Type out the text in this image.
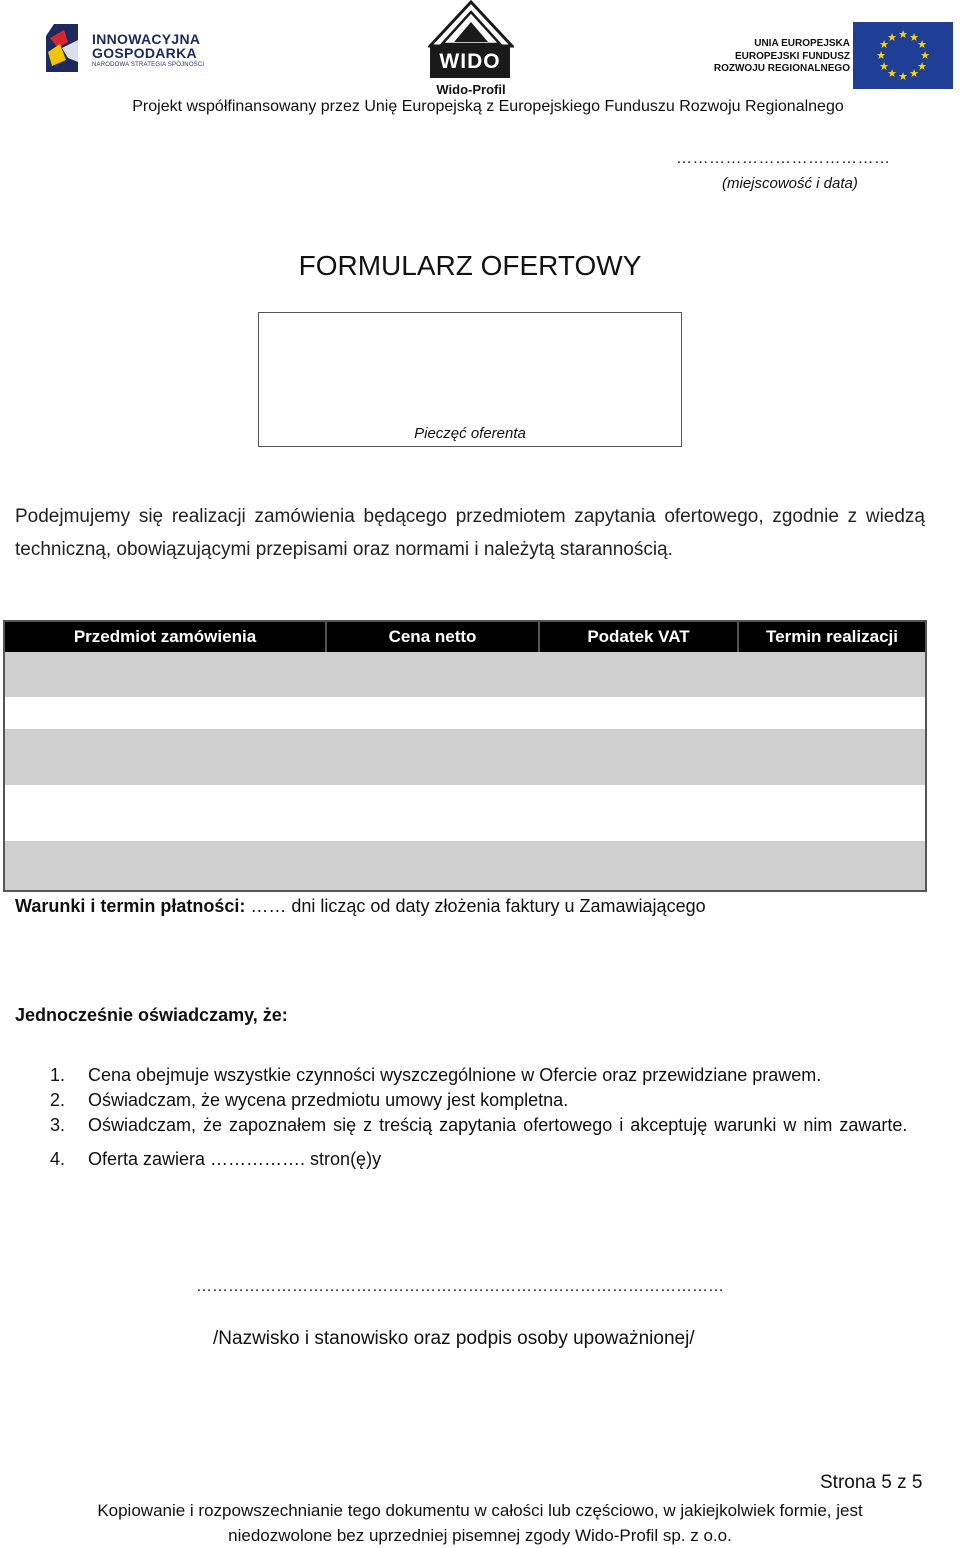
INNOWACYJNA
GOSPODARKA
NARODOWA STRATEGIA SPÓJNOŚCI	WIDO
Wido-Profil
UNIA EUROPEJSKA
EUROPEJSKI FUNDUSZ
ROZWOJU REGIONALNEGO
★ ★
★
★
★
★
★
★
★
★
★
★
Projekt współfinansowany przez Unię Europejską z Europejskiego Funduszu Rozwoju Regionalnego
…………………………………
(miejscowość i data)
FORMULARZ OFERTOWY
Pieczęć oferenta
Podejmujemy się realizacji zamówienia będącego przedmiotem zapytania ofertowego, zgodnie z wiedzą techniczną, obowiązującymi przepisami oraz normami i należytą starannością.
Przedmiot zamówienia	Cena netto	Podatek VAT	Termin realizacji
Warunki i termin płatności: …… dni licząc od daty złożenia faktury u Zamawiającego
Jednocześnie oświadczamy, że:
1.	Cena obejmuje wszystkie czynności wyszczególnione w Ofercie oraz przewidziane prawem.
2.	Oświadczam, że wycena przedmiotu umowy jest kompletna.
3.	Oświadczam, że zapoznałem się z treścią zapytania ofertowego i akceptuję warunki w nim zawarte.
4.	Oferta zawiera ……………. stron(ę)y
………………………………………………………………………………………
/Nazwisko i stanowisko oraz podpis osoby upoważnionej/
Strona 5 z 5
Kopiowanie i rozpowszechnianie tego dokumentu w całości lub częściowo, w jakiejkolwiek formie, jest
niedozwolone bez uprzedniej pisemnej zgody Wido-Profil sp. z o.o.
